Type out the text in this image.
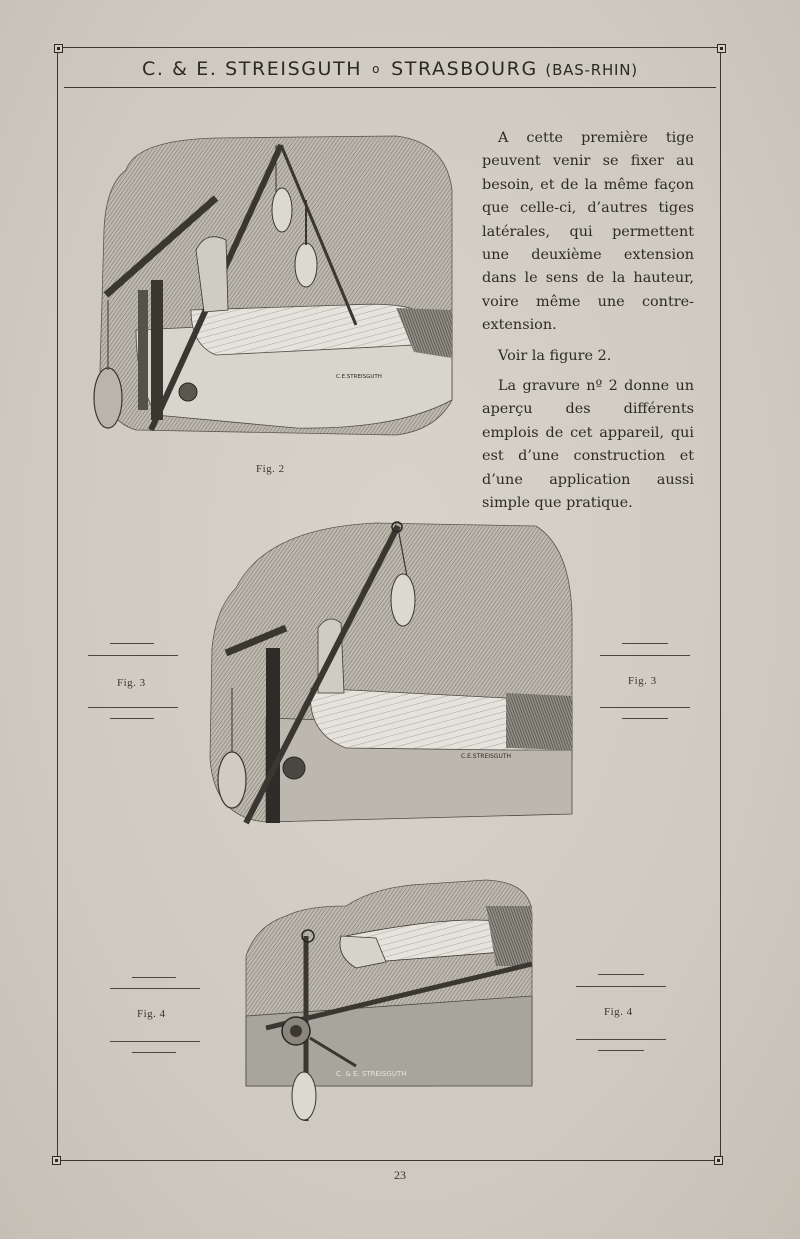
C. & E. STREISGUTH o STRASBOURG (BAS-RHIN)

A cette première tige peuvent venir se fixer au besoin, et de la même façon que celle-ci, d’autres tiges latérales, qui permettent une deuxième extension dans le sens de la hauteur, voire même une contre-extension.

Voir la figure 2.

La gravure nº 2 donne un aperçu des différents emplois de cet appareil, qui est d’une construction et d’une application aussi simple que pratique.

C.E.STREISGUTH
Fig. 2
C.E.STREISGUTH
Fig. 3	Fig. 3
C. & E. STREISGUTH
Fig. 4	Fig. 4
23
